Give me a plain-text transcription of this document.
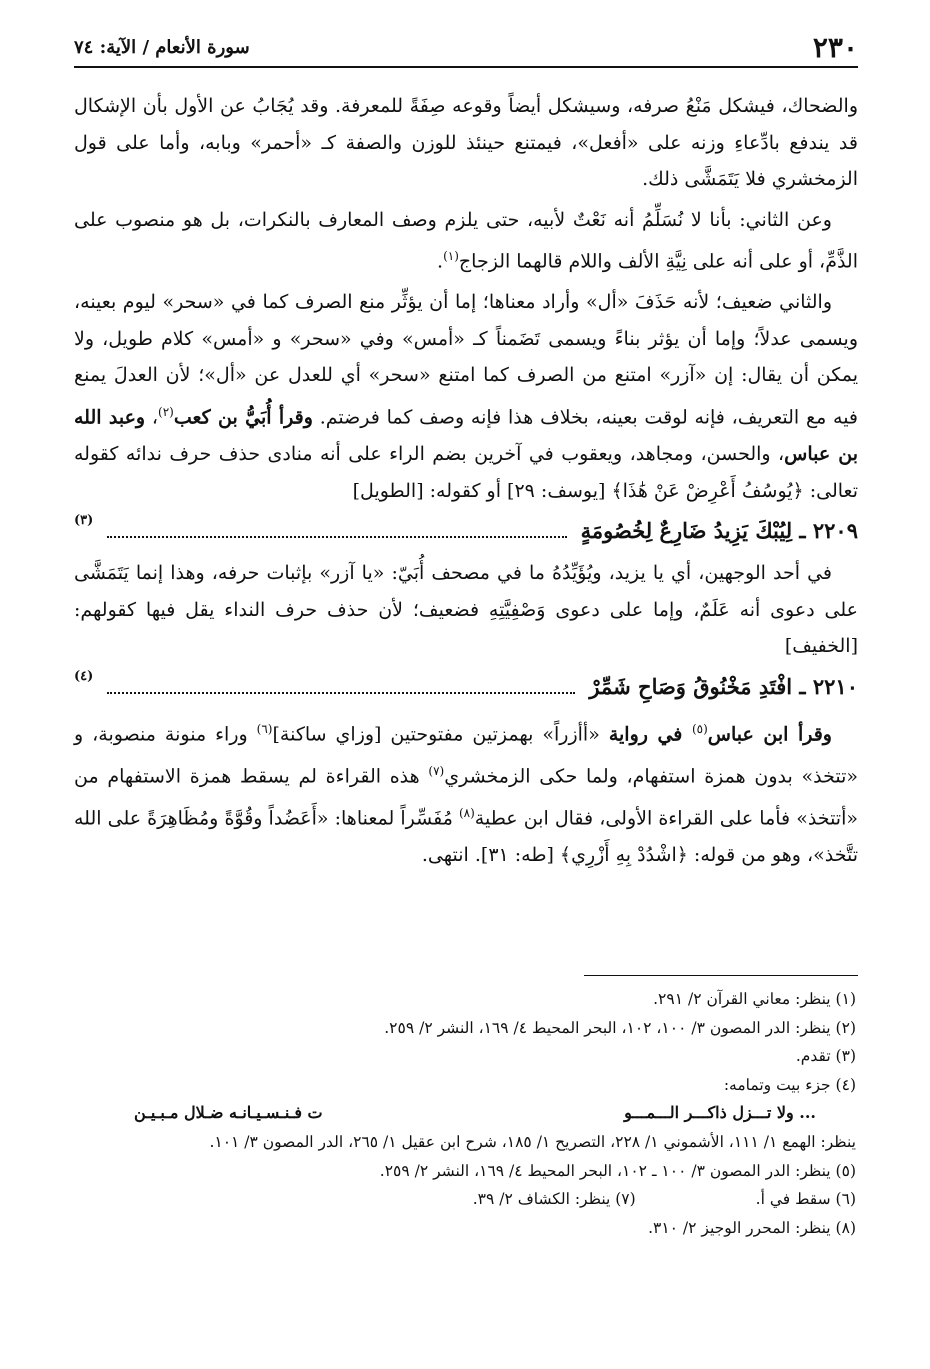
٢٣٠
سورة الأنعام / الآية: ٧٤

والضحاك، فيشكل مَنْعُ صرفه، وسيشكل أيضاً وقوعه صِفَةً للمعرفة. وقد يُجَابُ عن الأول بأن الإشكال قد يندفع بادِّعاءِ وزنه على «أفعل»، فيمتنع حينئذ للوزن والصفة كـ «أحمر» وبابه، وأما على قول الزمخشري فلا يَتَمَشَّى ذلك.

وعن الثاني: بأنا لا نُسَلِّمُ أنه نَعْتٌ لأبيه، حتى يلزم وصف المعارف بالنكرات، بل هو منصوب على الذَّمِّ، أو على أنه على نِيَّةِ الألف واللام قالهما الزجاج$^{(١)}$.

والثاني ضعيف؛ لأنه حَذَفَ «أل» وأراد معناها؛ إما أن يؤثِّر منع الصرف كما في «سحر» ليوم بعينه، ويسمى عدلاً؛ وإما أن يؤثر بناءً ويسمى تَضَمناً كـ «أمس» وفي «سحر» و «أمس» كلام طويل، ولا يمكن أن يقال: إن «آزر» امتنع من الصرف كما امتنع «سحر» أي للعدل عن «أل»؛ لأن العدلَ يمنع فيه مع التعريف، فإنه لوقت بعينه، بخلاف هذا فإنه وصف كما فرضتم. وقرأ أُبَيُّ بن كعب$^{(٢)}$، وعبد الله بن عباس، والحسن، ومجاهد، ويعقوب في آخرين بضم الراء على أنه منادى حذف حرف ندائه كقوله تعالى: ﴿يُوسُفُ أَعْرِضْ عَنْ هَٰذَا﴾ [يوسف: ٢٩] أو كقوله: [الطويل]

٢٢٠٩ ـ لِيُبْكَ يَزِيدُ ضَارِعٌ لِخُصُومَةٍ
(٣)

في أحد الوجهين، أي يا يزيد، ويُؤَيِّدُهُ ما في مصحف أُبَيّ: «يا آزر» بإثبات حرفه، وهذا إنما يَتَمَشَّى على دعوى أنه عَلَمٌ، وإما على دعوى وَصْفِيَّتِهِ فضعيف؛ لأن حذف حرف النداء يقل فيها كقولهم: [الخفيف]

٢٢١٠ ـ افْتَدِ مَخْنُوقُ وَصَاحِ شَمِّرْ
(٤)

وقرأ ابن عباس$^{(٥)}$ في رواية «أأزراً» بهمزتين مفتوحتين [وزاي ساكنة]$^{(٦)}$ وراء منونة منصوبة، و «تتخذ» بدون همزة استفهام، ولما حكى الزمخشري$^{(٧)}$ هذه القراءة لم يسقط همزة الاستفهام من «أتتخذ» فأما على القراءة الأولى، فقال ابن عطية$^{(٨)}$ مُفَسِّراً لمعناها: «أَعَضُداً وقُوَّةً ومُظَاهِرَةً على الله تتَّخذ»، وهو من قوله: ﴿اشْدُدْ بِهِ أَزْرِي﴾ [طه: ٣١]. انتهى.

(١) ينظر: معاني القرآن ٢/ ٢٩١.

(٢) ينظر: الدر المصون ٣/ ١٠٠، ١٠٢، البحر المحيط ٤/ ١٦٩، النشر ٢/ ٢٥٩.

(٣) تقدم.

(٤) جزء بيت وتمامه:

... ولا تـــزل ذاكـــر الـــمـــو
ت فـنـسـيـانـه ضـلال مـبـيـن

ينظر: الهمع ١/ ١١١، الأشموني ١/ ٢٢٨، التصريح ١/ ١٨٥، شرح ابن عقيل ١/ ٢٦٥، الدر المصون ٣/ ١٠١.

(٥) ينظر: الدر المصون ٣/ ١٠٠ ـ ١٠٢، البحر المحيط ٤/ ١٦٩، النشر ٢/ ٢٥٩.

(٦) سقط في أ.

(٧) ينظر: الكشاف ٢/ ٣٩.

(٨) ينظر: المحرر الوجيز ٢/ ٣١٠.
